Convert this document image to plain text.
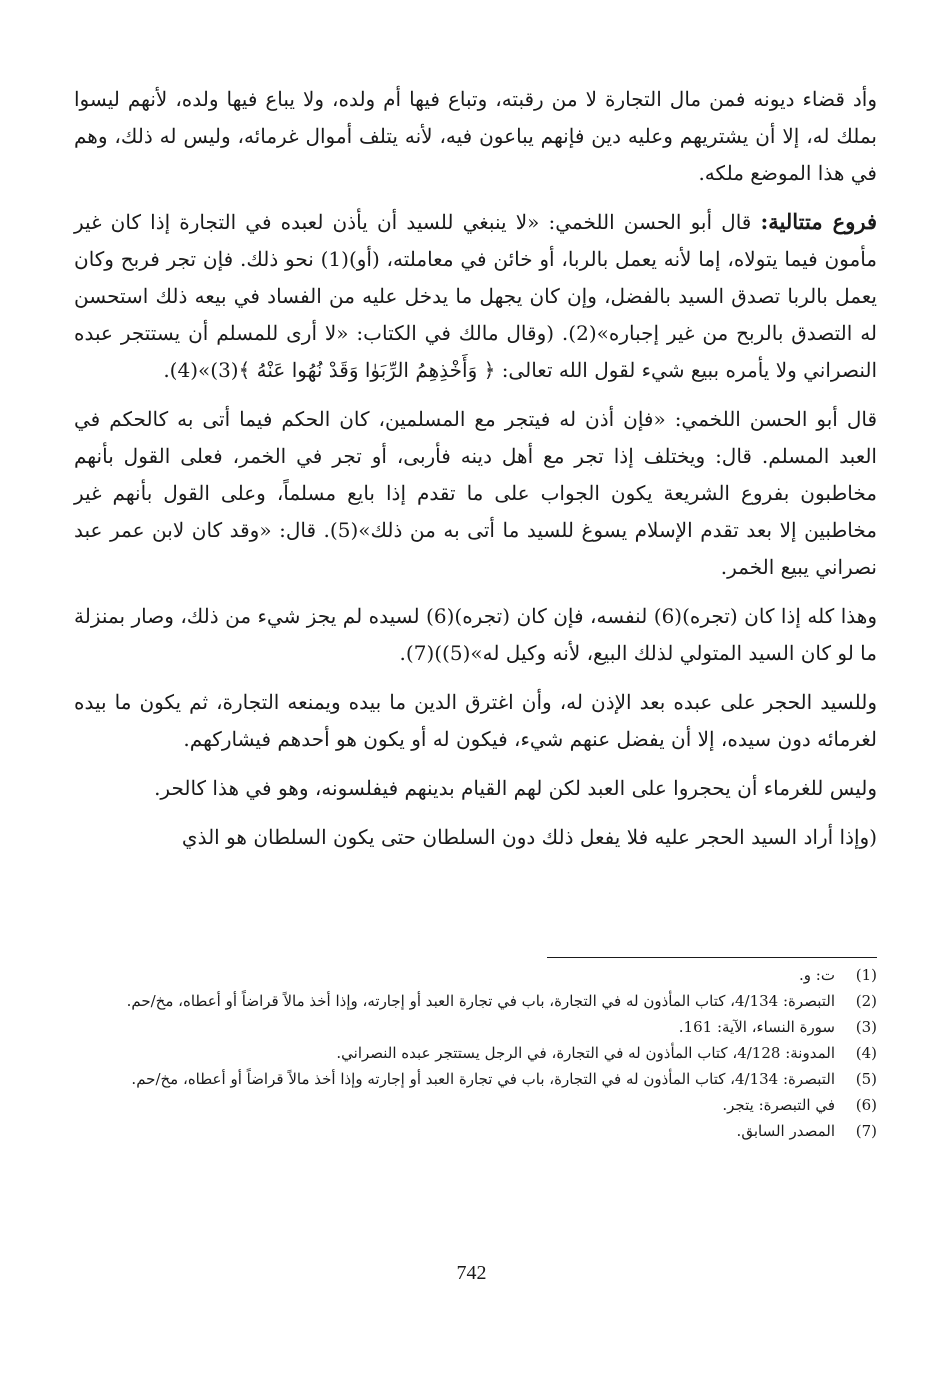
وأد قضاء ديونه فمن مال التجارة لا من رقبته، وتباع فيها أم ولده، ولا يباع فيها ولده، لأنهم ليسوا بملك له، إلا أن يشتريهم وعليه دين فإنهم يباعون فيه، لأنه يتلف أموال غرمائه، وليس له ذلك، وهم في هذا الموضع ملكه.

فروع متتالية: قال أبو الحسن اللخمي: «لا ينبغي للسيد أن يأذن لعبده في التجارة إذا كان غير مأمون فيما يتولاه، إما لأنه يعمل بالربا، أو خائن في معاملته، (أو)(1) نحو ذلك. فإن تجر فربح وكان يعمل بالربا تصدق السيد بالفضل، وإن كان يجهل ما يدخل عليه من الفساد في بيعه ذلك استحسن له التصدق بالربح من غير إجباره»(2). (وقال مالك في الكتاب: «لا أرى للمسلم أن يستتجر عبده النصراني ولا يأمره ببيع شيء لقول الله تعالى: ﴿ وَأَخْذِهِمُ الرِّبَوٰا وَقَدْ نُهُوا عَنْهُ ﴾(3)»(4).

قال أبو الحسن اللخمي: «فإن أذن له فيتجر مع المسلمين، كان الحكم فيما أتى به كالحكم في العبد المسلم. قال: ويختلف إذا تجر مع أهل دينه فأربى، أو تجر في الخمر، فعلى القول بأنهم مخاطبون بفروع الشريعة يكون الجواب على ما تقدم إذا بايع مسلماً، وعلى القول بأنهم غير مخاطبين إلا بعد تقدم الإسلام يسوغ للسيد ما أتى به من ذلك»(5). قال: «وقد كان لابن عمر عبد نصراني يبيع الخمر.

وهذا كله إذا كان (تجره)(6) لنفسه، فإن كان (تجره)(6) لسيده لم يجز شيء من ذلك، وصار بمنزلة ما لو كان السيد المتولي لذلك البيع، لأنه وكيل له»(5))(7).

وللسيد الحجر على عبده بعد الإذن له، وأن اغترق الدين ما بيده ويمنعه التجارة، ثم يكون ما بيده لغرمائه دون سيده، إلا أن يفضل عنهم شيء، فيكون له أو يكون هو أحدهم فيشاركهم.

وليس للغرماء أن يحجروا على العبد لكن لهم القيام بدينهم فيفلسونه، وهو في هذا كالحر.

(وإذا أراد السيد الحجر عليه فلا يفعل ذلك دون السلطان حتى يكون السلطان هو الذي

(1)
ت: و.
(2)
التبصرة: 4/134، كتاب المأذون له في التجارة، باب في تجارة العبد أو إجارته، وإذا أخذ مالاً قراضاً أو أعطاه، مخ/حم.
(3)
سورة النساء، الآية: 161.
(4)
المدونة: 4/128، كتاب المأذون له في التجارة، في الرجل يستتجر عبده النصراني.
(5)
التبصرة: 4/134، كتاب المأذون له في التجارة، باب في تجارة العبد أو إجارته وإذا أخذ مالاً قراضاً أو أعطاه، مخ/حم.
(6)
في التبصرة: يتجر.
(7)
المصدر السابق.
742
